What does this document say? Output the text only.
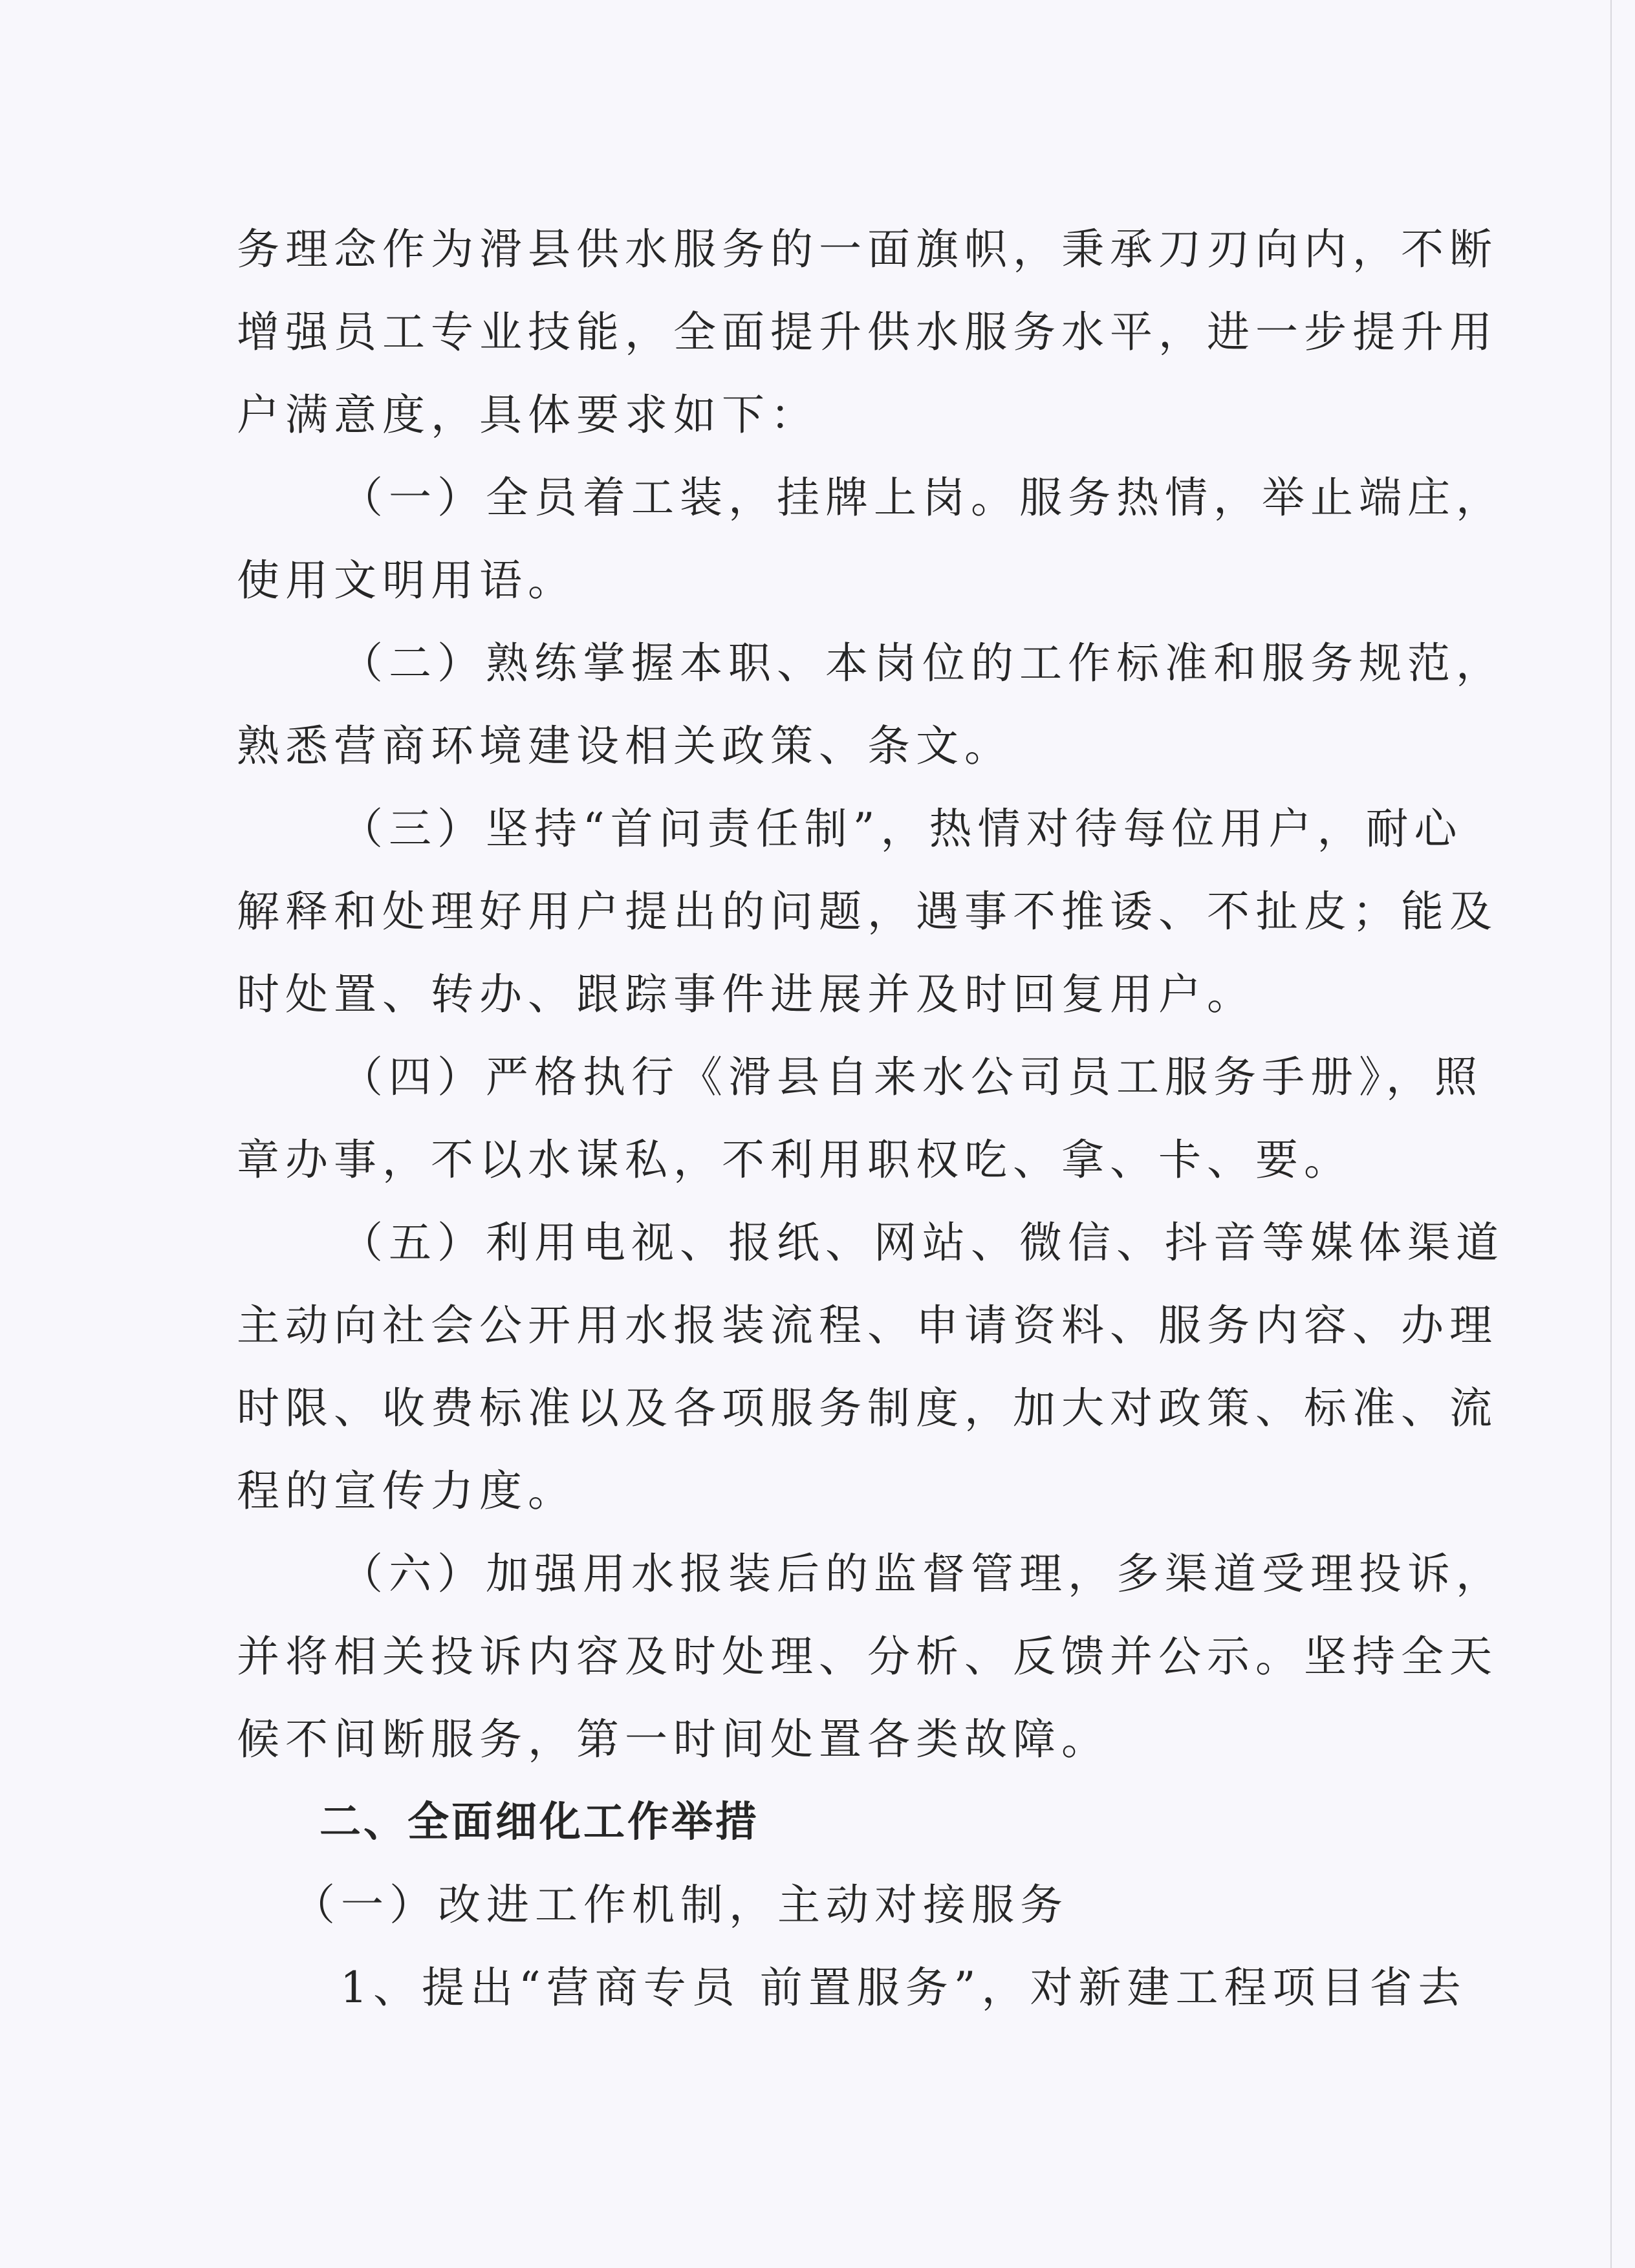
务理念作为滑县供水服务的一面旗帜，秉承刀刃向内，不断
增强员工专业技能，全面提升供水服务水平，进一步提升用
户满意度，具体要求如下：
（一）全员着工装，挂牌上岗。服务热情，举止端庄，
使用文明用语。
（二）熟练掌握本职、本岗位的工作标准和服务规范，
熟悉营商环境建设相关政策、条文。
（三）坚持“首问责任制”，热情对待每位用户，耐心
解释和处理好用户提出的问题，遇事不推诿、不扯皮；能及
时处置、转办、跟踪事件进展并及时回复用户。
（四）严格执行《滑县自来水公司员工服务手册》，照
章办事，不以水谋私，不利用职权吃、拿、卡、要。
（五）利用电视、报纸、网站、微信、抖音等媒体渠道
主动向社会公开用水报装流程、申请资料、服务内容、办理
时限、收费标准以及各项服务制度，加大对政策、标准、流
程的宣传力度。
（六）加强用水报装后的监督管理，多渠道受理投诉，
并将相关投诉内容及时处理、分析、反馈并公示。坚持全天
候不间断服务，第一时间处置各类故障。
二、全面细化工作举措
（一）改进工作机制，主动对接服务
1、提出“营商专员 前置服务”，对新建工程项目省去
